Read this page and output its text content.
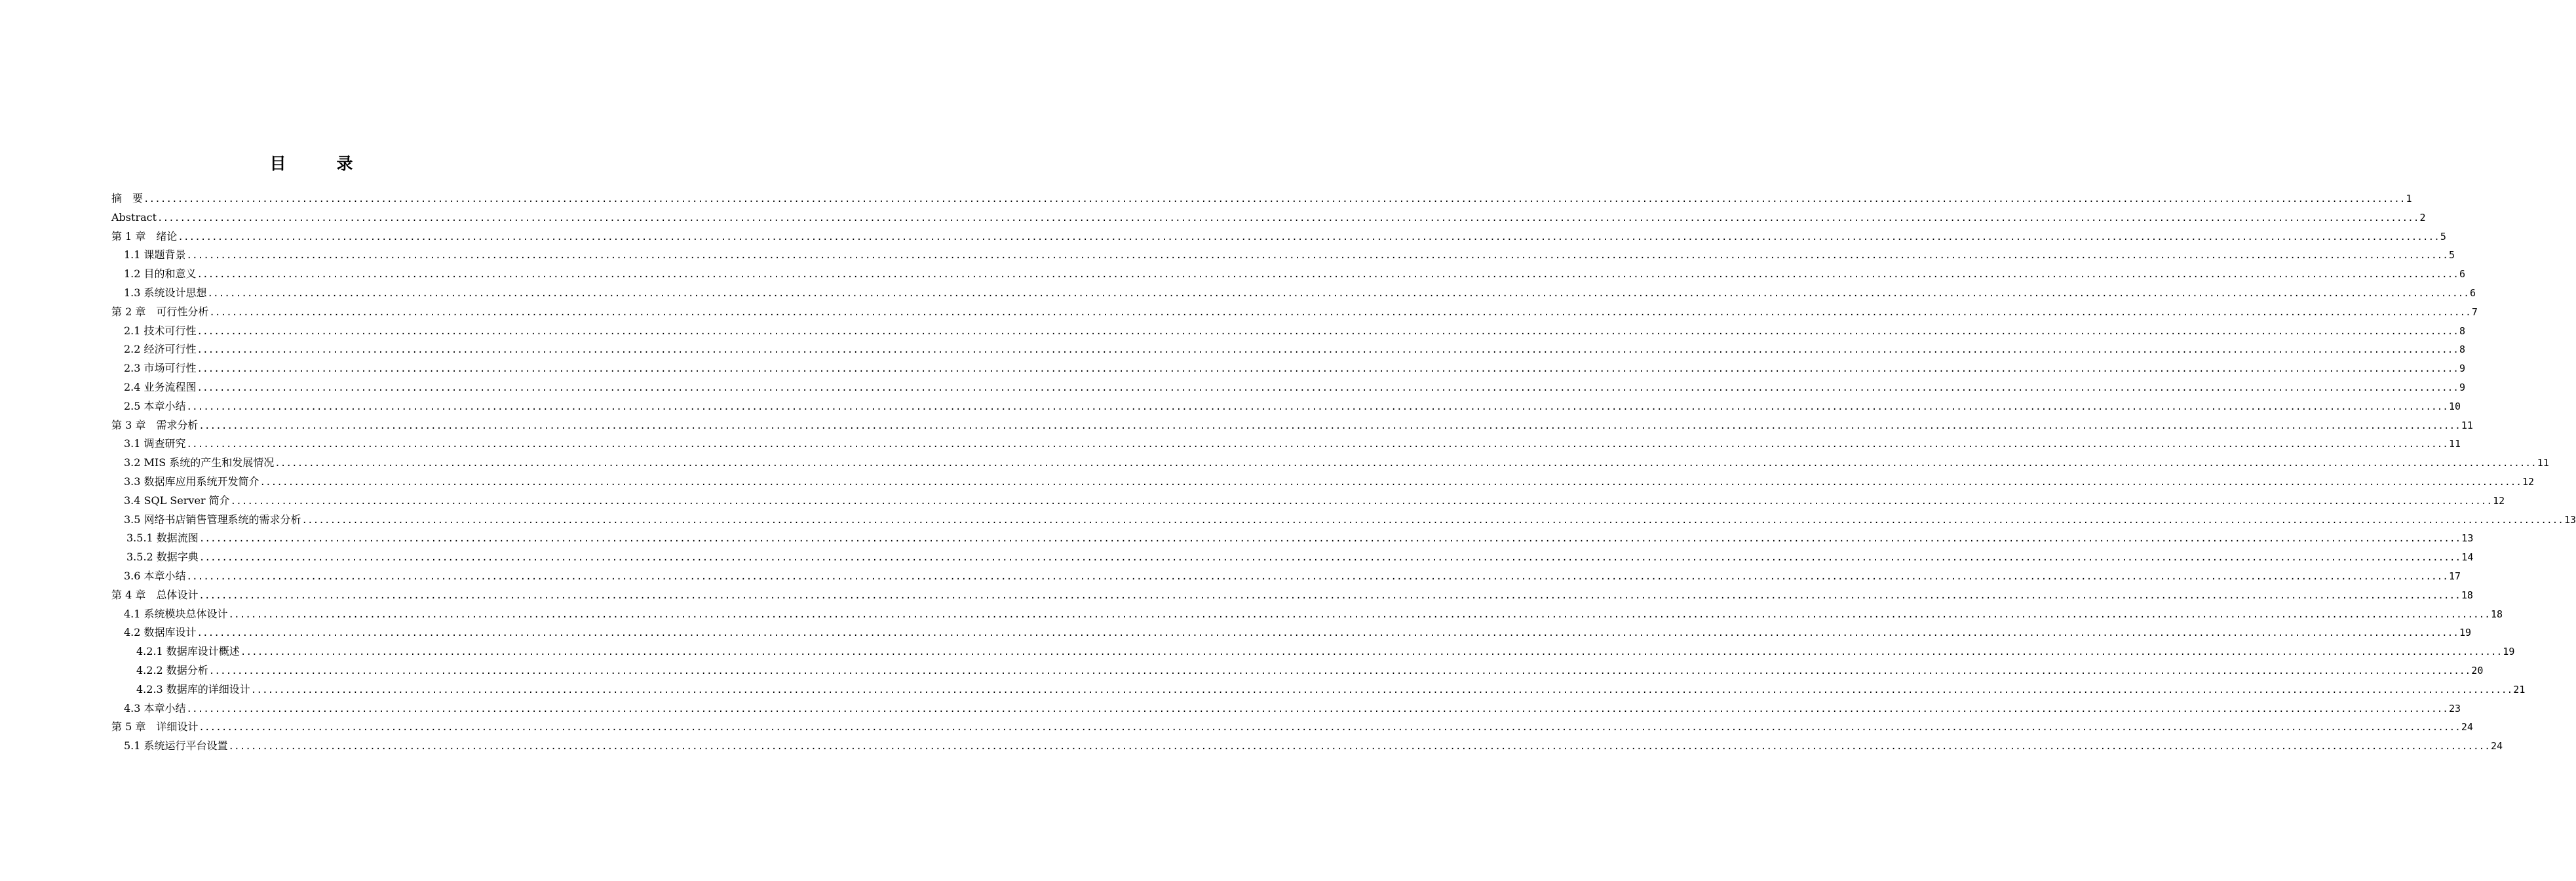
目　录
摘　要 ................................................................................................................................................................................................................................................................................................................................................................................................................ 1
Abstract ................................................................................................................................................................................................................................................................................................................................................................................................................ 2
第 1 章　绪论 ................................................................................................................................................................................................................................................................................................................................................................................................................ 5
1.1 课题背景 ................................................................................................................................................................................................................................................................................................................................................................................................................ 5
1.2 目的和意义 ................................................................................................................................................................................................................................................................................................................................................................................................................ 6
1.3 系统设计思想 ................................................................................................................................................................................................................................................................................................................................................................................................................ 6
第 2 章　可行性分析 ................................................................................................................................................................................................................................................................................................................................................................................................................ 7
2.1 技术可行性 ................................................................................................................................................................................................................................................................................................................................................................................................................ 8
2.2 经济可行性 ................................................................................................................................................................................................................................................................................................................................................................................................................ 8
2.3 市场可行性 ................................................................................................................................................................................................................................................................................................................................................................................................................ 9
2.4 业务流程图 ................................................................................................................................................................................................................................................................................................................................................................................................................ 9
2.5 本章小结 ................................................................................................................................................................................................................................................................................................................................................................................................................ 10
第 3 章　需求分析 ................................................................................................................................................................................................................................................................................................................................................................................................................ 11
3.1 调查研究 ................................................................................................................................................................................................................................................................................................................................................................................................................ 11
3.2 MIS 系统的产生和发展情况 ................................................................................................................................................................................................................................................................................................................................................................................................................ 11
3.3 数据库应用系统开发简介 ................................................................................................................................................................................................................................................................................................................................................................................................................ 12
3.4 SQL Server 简介 ................................................................................................................................................................................................................................................................................................................................................................................................................ 12
3.5 网络书店销售管理系统的需求分析 ................................................................................................................................................................................................................................................................................................................................................................................................................ 13
3.5.1 数据流图 ................................................................................................................................................................................................................................................................................................................................................................................................................ 13
3.5.2 数据字典 ................................................................................................................................................................................................................................................................................................................................................................................................................ 14
3.6 本章小结 ................................................................................................................................................................................................................................................................................................................................................................................................................ 17
第 4 章　总体设计 ................................................................................................................................................................................................................................................................................................................................................................................................................ 18
4.1 系统模块总体设计 ................................................................................................................................................................................................................................................................................................................................................................................................................ 18
4.2 数据库设计 ................................................................................................................................................................................................................................................................................................................................................................................................................ 19
4.2.1 数据库设计概述 ................................................................................................................................................................................................................................................................................................................................................................................................................ 19
4.2.2 数据分析 ................................................................................................................................................................................................................................................................................................................................................................................................................ 20
4.2.3 数据库的详细设计 ................................................................................................................................................................................................................................................................................................................................................................................................................ 21
4.3 本章小结 ................................................................................................................................................................................................................................................................................................................................................................................................................ 23
第 5 章　详细设计 ................................................................................................................................................................................................................................................................................................................................................................................................................ 24
5.1 系统运行平台设置 ................................................................................................................................................................................................................................................................................................................................................................................................................ 24
